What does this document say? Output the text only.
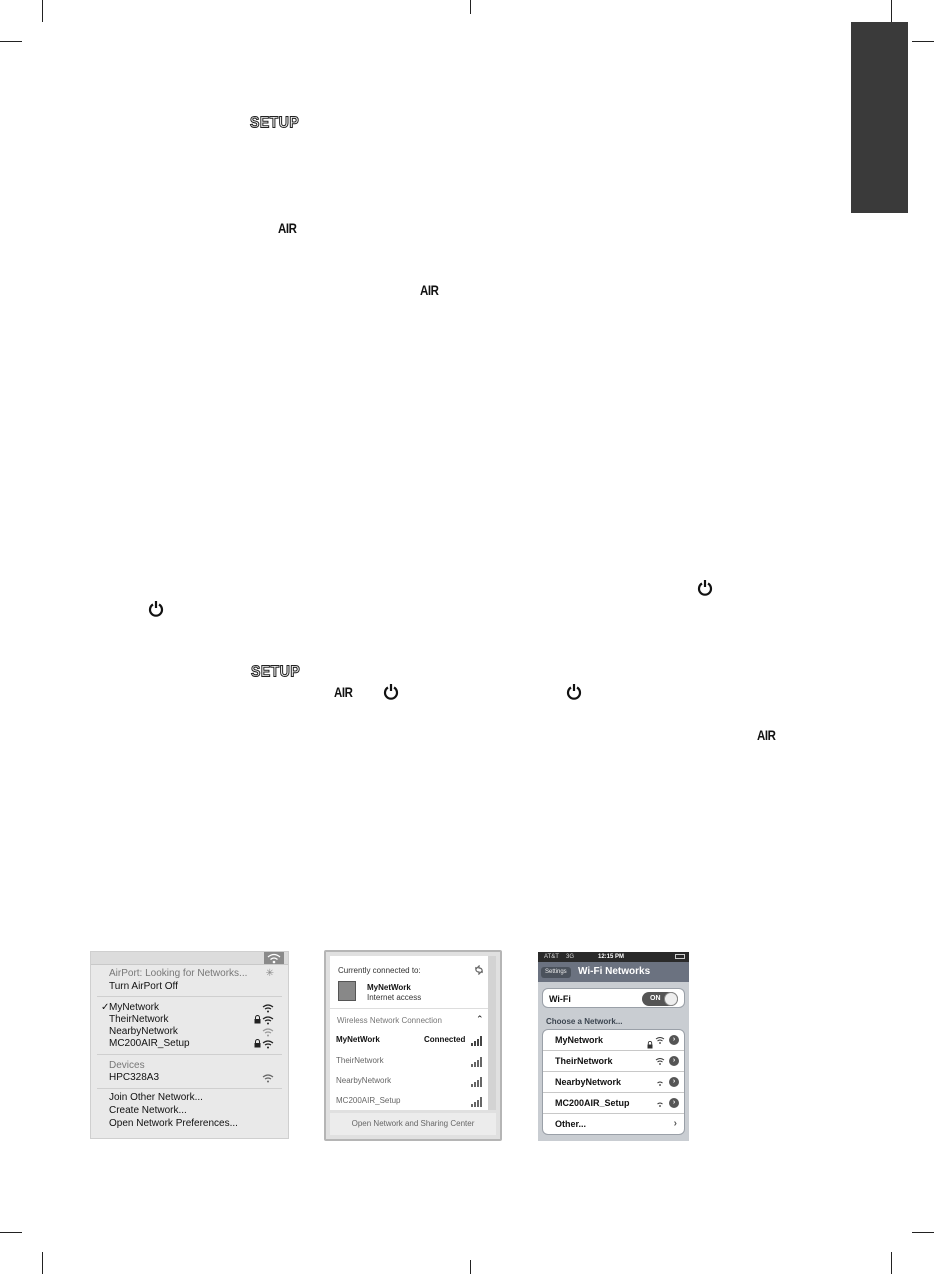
SETUP
AIR
AIR
SETUP
AIR
AIR
AirPort: Looking for Networks... ✳
Turn AirPort Off
✓ MyNetwork
TheirNetwork
NearbyNetwork
MC200AIR_Setup
Devices
HPC328A3
Join Other Network...
Create Network...
Open Network Preferences...
Currently connected to:
MyNetWork
Internet access
Wireless Network Connection	⌃
MyNetWork	Connected
TheirNetwork
NearbyNetwork
MC200AIR_Setup
Open Network and Sharing Center
AT&T 3G	12:15 PM
Settings	Wi-Fi Networks
Wi-Fi	ON
Choose a Network...
MyNetwork	›
TheirNetwork	›
NearbyNetwork	›
MC200AIR_Setup	›
Other...	›
